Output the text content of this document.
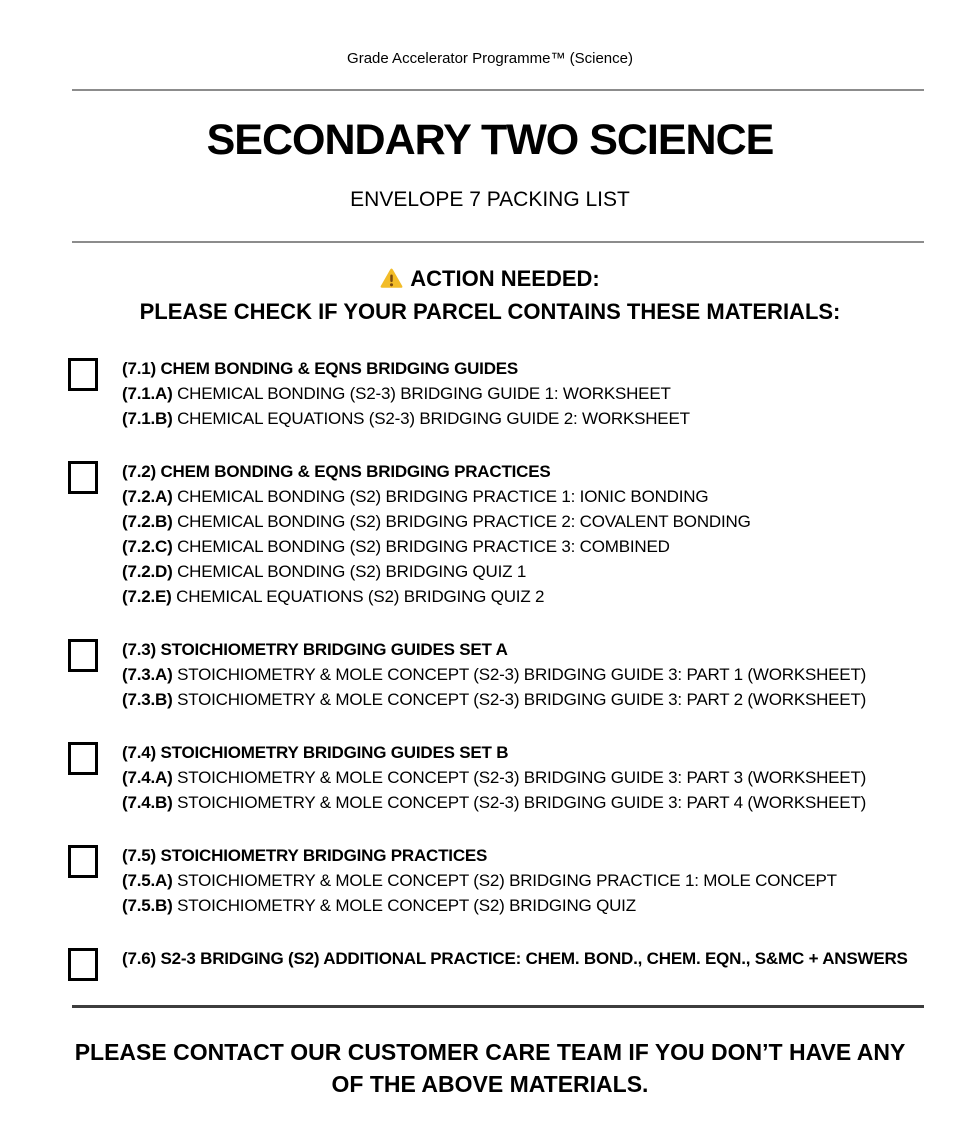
Grade Accelerator Programme™ (Science)
SECONDARY TWO SCIENCE
ENVELOPE 7 PACKING LIST
ACTION NEEDED:
PLEASE CHECK IF YOUR PARCEL CONTAINS THESE MATERIALS:
(7.1) CHEM BONDING & EQNS BRIDGING GUIDES
(7.1.A) CHEMICAL BONDING (S2-3) BRIDGING GUIDE 1: WORKSHEET
(7.1.B) CHEMICAL EQUATIONS (S2-3) BRIDGING GUIDE 2: WORKSHEET
(7.2) CHEM BONDING & EQNS BRIDGING PRACTICES
(7.2.A) CHEMICAL BONDING (S2) BRIDGING PRACTICE 1: IONIC BONDING
(7.2.B) CHEMICAL BONDING (S2) BRIDGING PRACTICE 2: COVALENT BONDING
(7.2.C) CHEMICAL BONDING (S2) BRIDGING PRACTICE 3: COMBINED
(7.2.D) CHEMICAL BONDING (S2) BRIDGING QUIZ 1
(7.2.E) CHEMICAL EQUATIONS (S2) BRIDGING QUIZ 2
(7.3) STOICHIOMETRY BRIDGING GUIDES SET A
(7.3.A) STOICHIOMETRY & MOLE CONCEPT (S2-3) BRIDGING GUIDE 3: PART 1 (WORKSHEET)
(7.3.B) STOICHIOMETRY & MOLE CONCEPT (S2-3) BRIDGING GUIDE 3: PART 2 (WORKSHEET)
(7.4) STOICHIOMETRY BRIDGING GUIDES SET B
(7.4.A) STOICHIOMETRY & MOLE CONCEPT (S2-3) BRIDGING GUIDE 3: PART 3 (WORKSHEET)
(7.4.B) STOICHIOMETRY & MOLE CONCEPT (S2-3) BRIDGING GUIDE 3: PART 4 (WORKSHEET)
(7.5) STOICHIOMETRY BRIDGING PRACTICES
(7.5.A) STOICHIOMETRY & MOLE CONCEPT (S2) BRIDGING PRACTICE 1: MOLE CONCEPT
(7.5.B) STOICHIOMETRY & MOLE CONCEPT (S2) BRIDGING QUIZ
(7.6) S2-3 BRIDGING (S2) ADDITIONAL PRACTICE: CHEM. BOND., CHEM. EQN., S&MC + ANSWERS
PLEASE CONTACT OUR CUSTOMER CARE TEAM IF YOU DON’T HAVE ANY
OF THE ABOVE MATERIALS.
